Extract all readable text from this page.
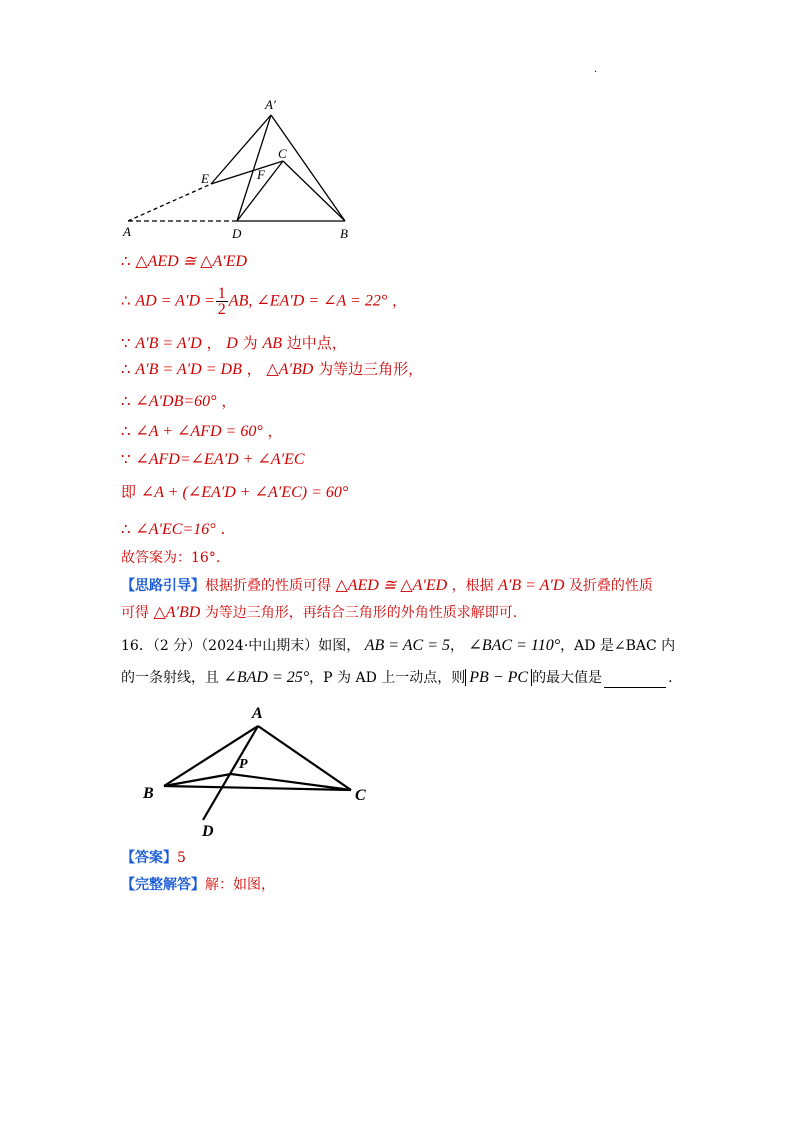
.
A′
C
E	F
A	D	B
∴ △AED ≅ △A′ED
∴ AD = $A'D = \frac{1}{2}$ AB, ∠EA′D = ∠A = 22° ，
∵ A′B = A′D ， D 为 AB 边中点，
∴ A′B = A′D = DB ， △A′BD 为等边三角形，
∴ ∠A′DB=60° ，
∴ ∠A + ∠AFD = 60° ，
∵ ∠AFD=∠EA′D + ∠A′EC
即 ∠A + (∠EA′D + ∠A′EC) = 60°
∴ ∠A′EC=16° .
故答案为：16°.
【思路引导】根据折叠的性质可得 △AED ≅ △A′ED ，根据 A′B = A′D 及折叠的性质
可得 △A′BD 为等边三角形，再结合三角形的外角性质求解即可.
16．（2 分）（2024·中山期末）如图， AB = AC = 5， ∠BAC = 110°，AD 是∠BAC 内
的一条射线，且 ∠BAD = 25°，P 为 AD 上一动点，则 PB − PC 的最大值是	.
A
P
B	C
D
【答案】5
【完整解答】解：如图，
